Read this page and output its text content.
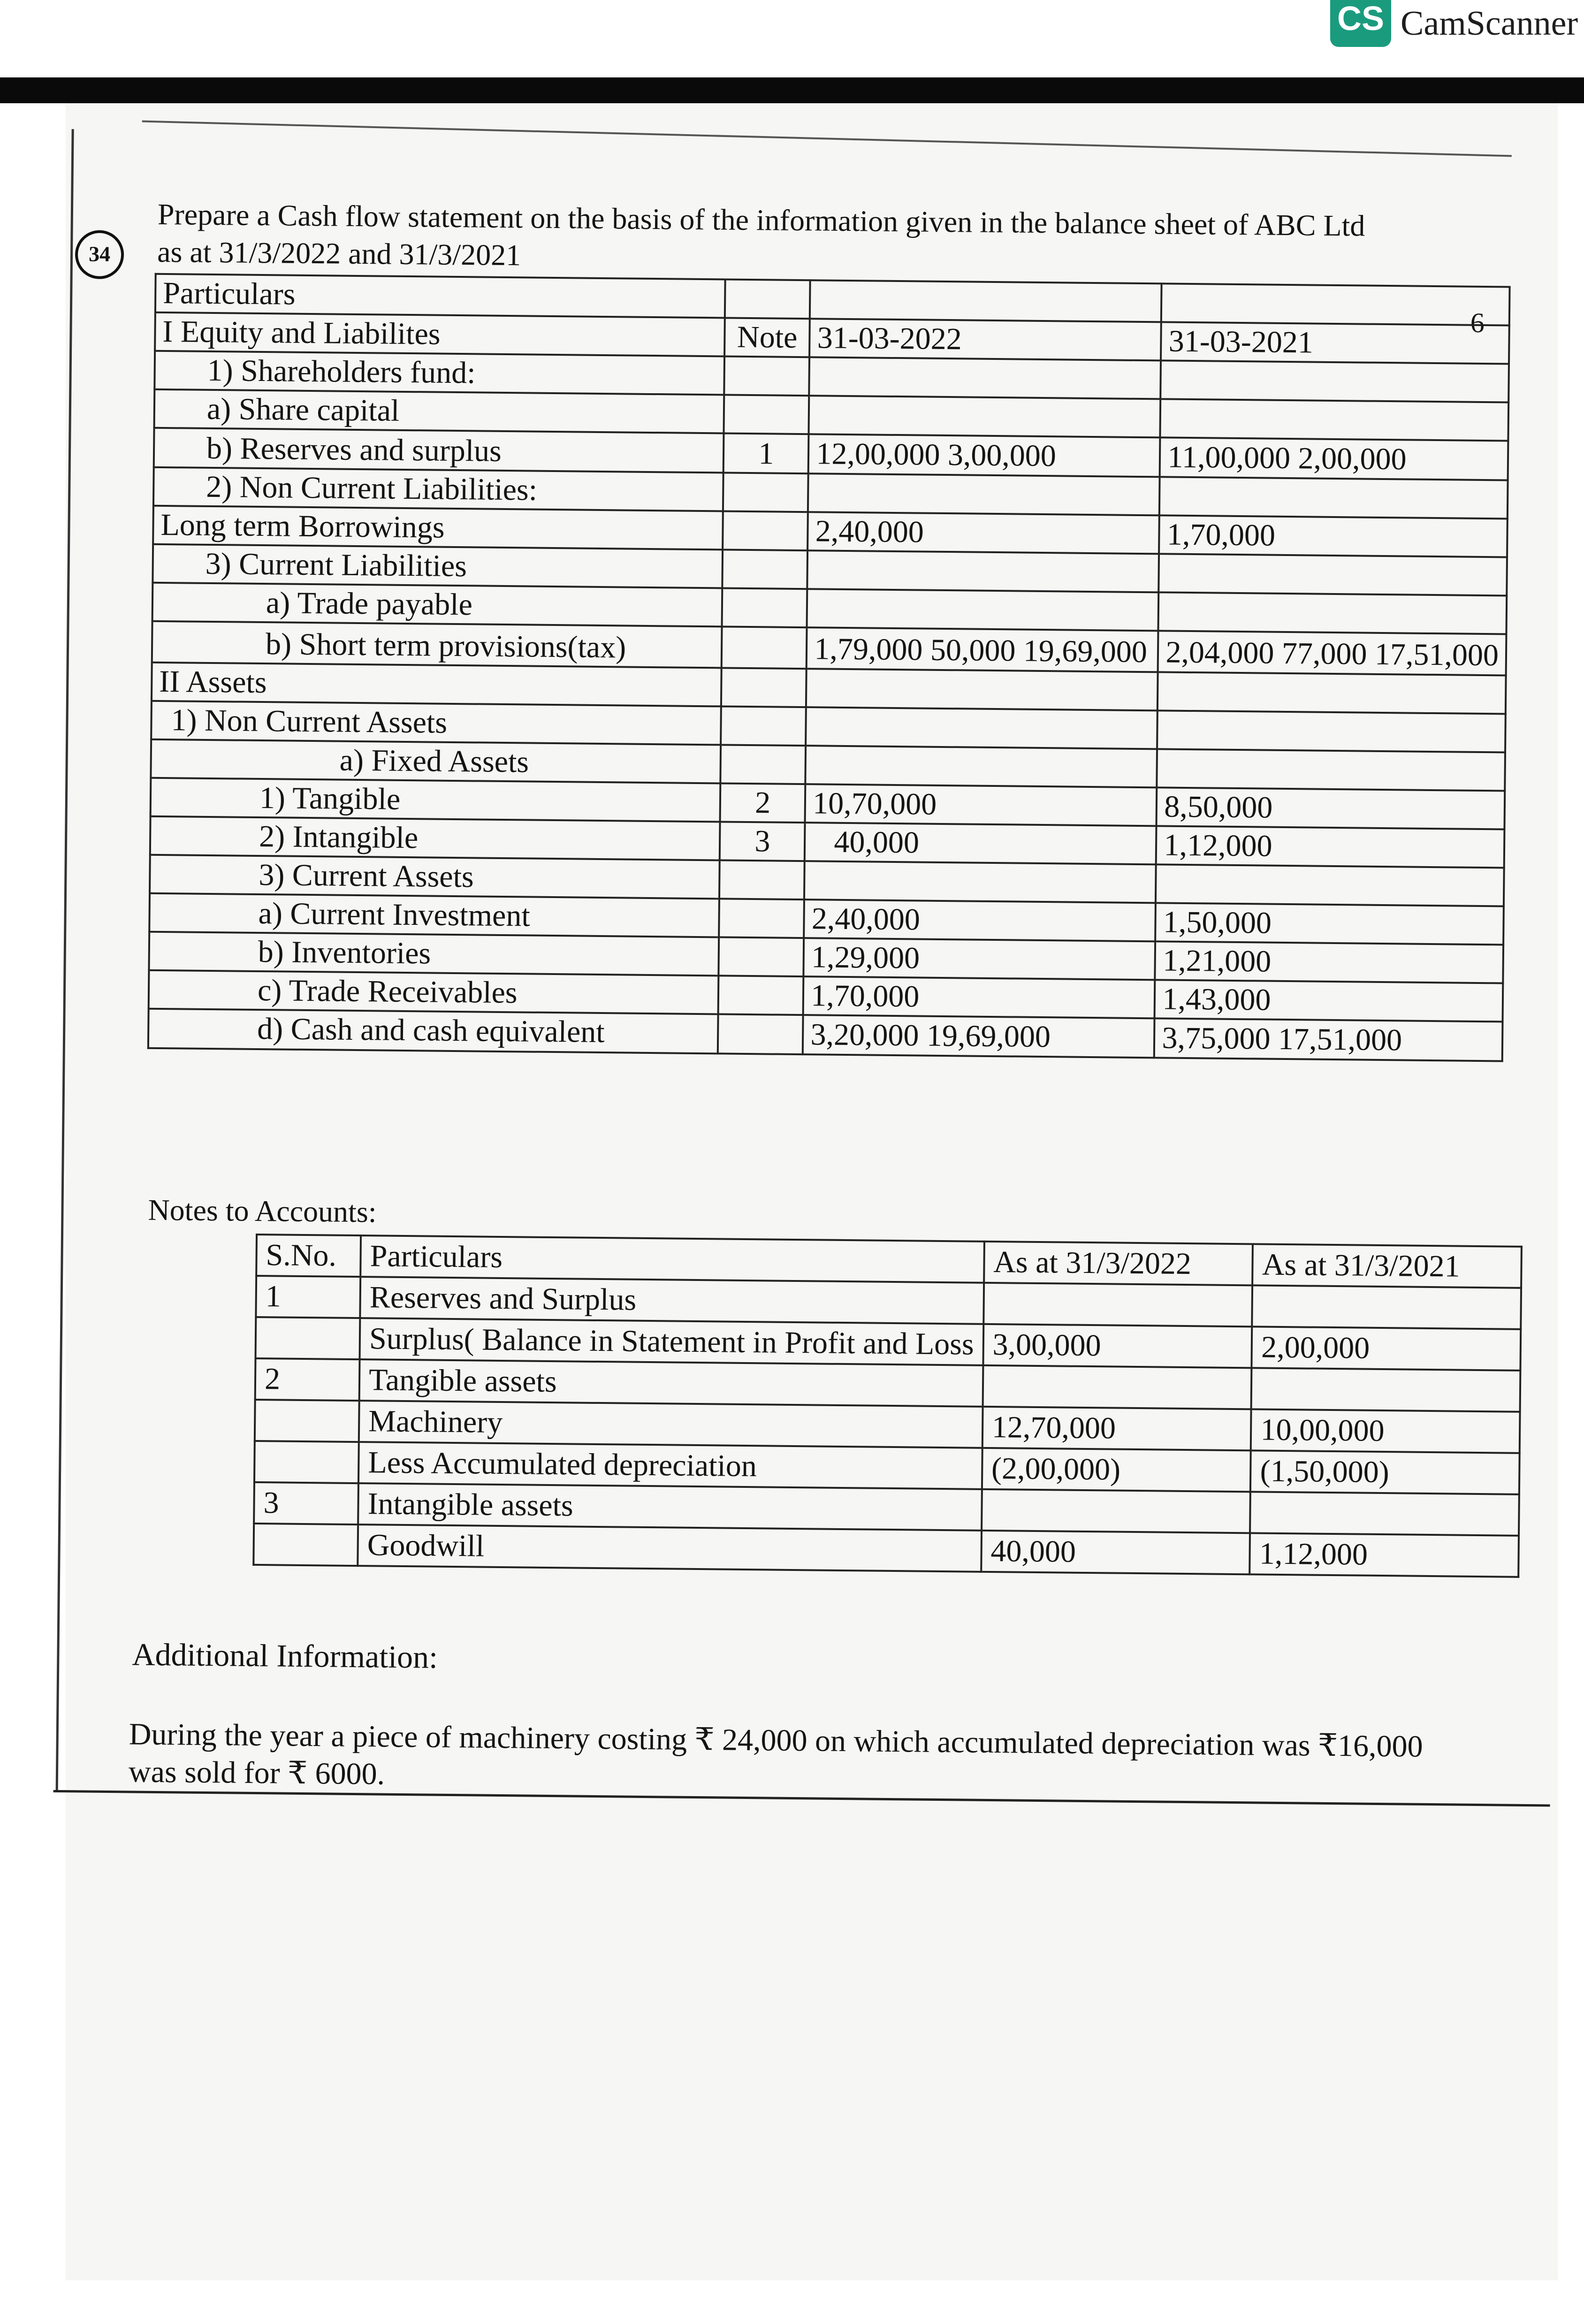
CS CamScanner
34
Prepare a Cash flow statement on the basis of the information given in the balance sheet of ABC Ltd
as at 31/3/2022 and 31/3/2021
6
Particulars			
I Equity and Liabilites	Note	31-03-2022	31-03-2021
1) Shareholders fund:			
a) Share capital			
b) Reserves and surplus	1	12,00,000 3,00,000	11,00,000 2,00,000
2) Non Current Liabilities:			
Long term Borrowings		2,40,000	1,70,000
3) Current Liabilities			
a) Trade payable			
b) Short term provisions(tax)		1,79,000 50,000 19,69,000	2,04,000 77,000 17,51,000
II Assets			
1) Non Current Assets			
a) Fixed Assets			
1) Tangible	2	10,70,000	8,50,000
2) Intangible	3	40,000	1,12,000
3) Current Assets			
a) Current Investment		2,40,000	1,50,000
b) Inventories		1,29,000	1,21,000
c) Trade Receivables		1,70,000	1,43,000
d) Cash and cash equivalent		3,20,000 19,69,000	3,75,000 17,51,000
Notes to Accounts:
S.No.	Particulars	As at 31/3/2022	As at 31/3/2021
1	Reserves and Surplus		
	Surplus( Balance in Statement in Profit and Loss	3,00,000	2,00,000
2	Tangible assets		
	Machinery	12,70,000	10,00,000
	Less Accumulated depreciation	(2,00,000)	(1,50,000)
3	Intangible assets		
	Goodwill	40,000	1,12,000
Additional Information:
During the year a piece of machinery costing ₹ 24,000 on which accumulated depreciation was ₹16,000 was sold for ₹ 6000.
